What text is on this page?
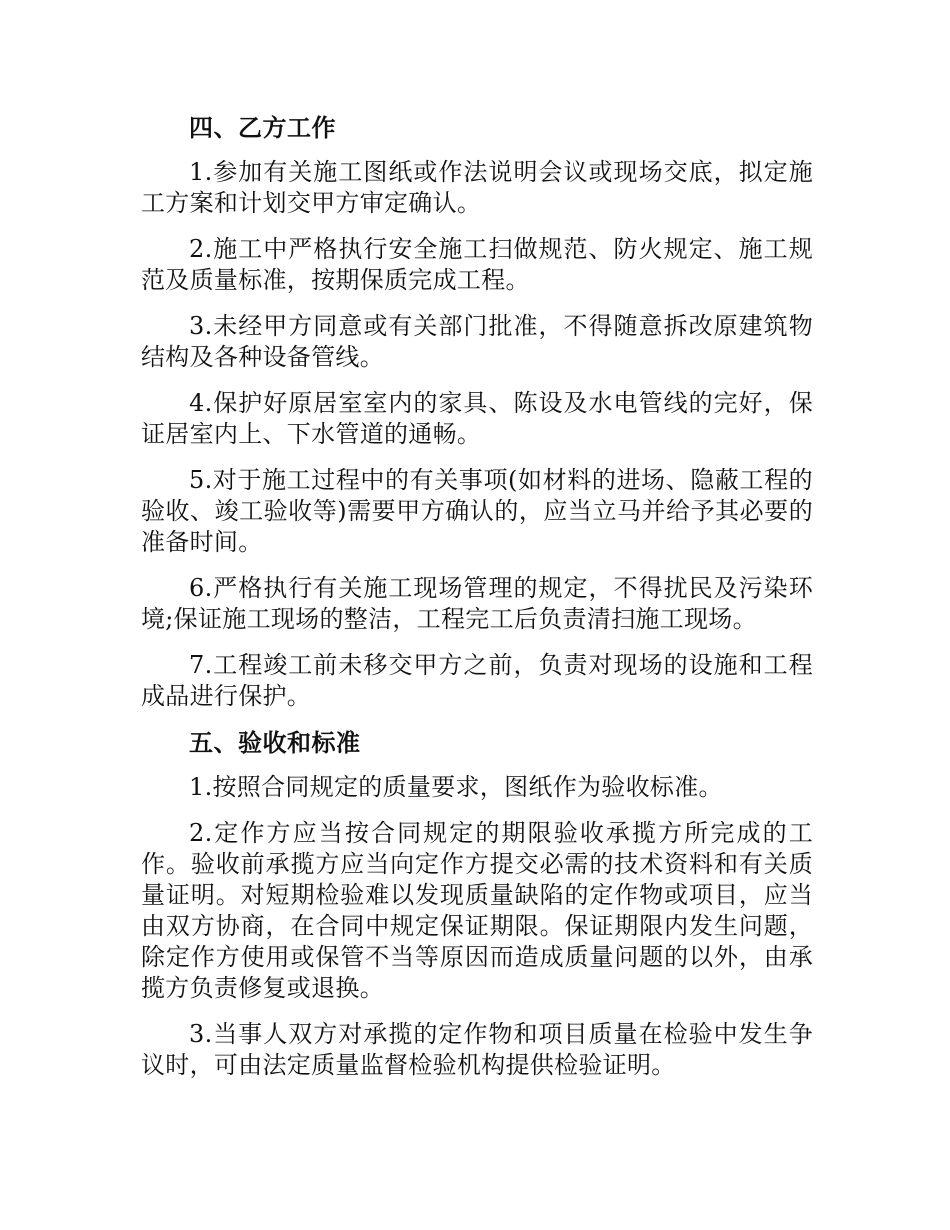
四、乙方工作

1.参加有关施工图纸或作法说明会议或现场交底，拟定施工方案和计划交甲方审定确认。

2.施工中严格执行安全施工扫做规范、防火规定、施工规范及质量标准，按期保质完成工程。

3.未经甲方同意或有关部门批准，不得随意拆改原建筑物结构及各种设备管线。

4.保护好原居室室内的家具、陈设及水电管线的完好，保证居室内上、下水管道的通畅。

5.对于施工过程中的有关事项(如材料的进场、隐蔽工程的验收、竣工验收等)需要甲方确认的，应当立马并给予其必要的准备时间。

6.严格执行有关施工现场管理的规定，不得扰民及污染环境;保证施工现场的整洁，工程完工后负责清扫施工现场。

7.工程竣工前未移交甲方之前，负责对现场的设施和工程成品进行保护。

五、验收和标准

1.按照合同规定的质量要求，图纸作为验收标准。

2.定作方应当按合同规定的期限验收承揽方所完成的工作。验收前承揽方应当向定作方提交必需的技术资料和有关质量证明。对短期检验难以发现质量缺陷的定作物或项目，应当由双方协商，在合同中规定保证期限。保证期限内发生问题，除定作方使用或保管不当等原因而造成质量问题的以外，由承揽方负责修复或退换。

3.当事人双方对承揽的定作物和项目质量在检验中发生争议时，可由法定质量监督检验机构提供检验证明。
